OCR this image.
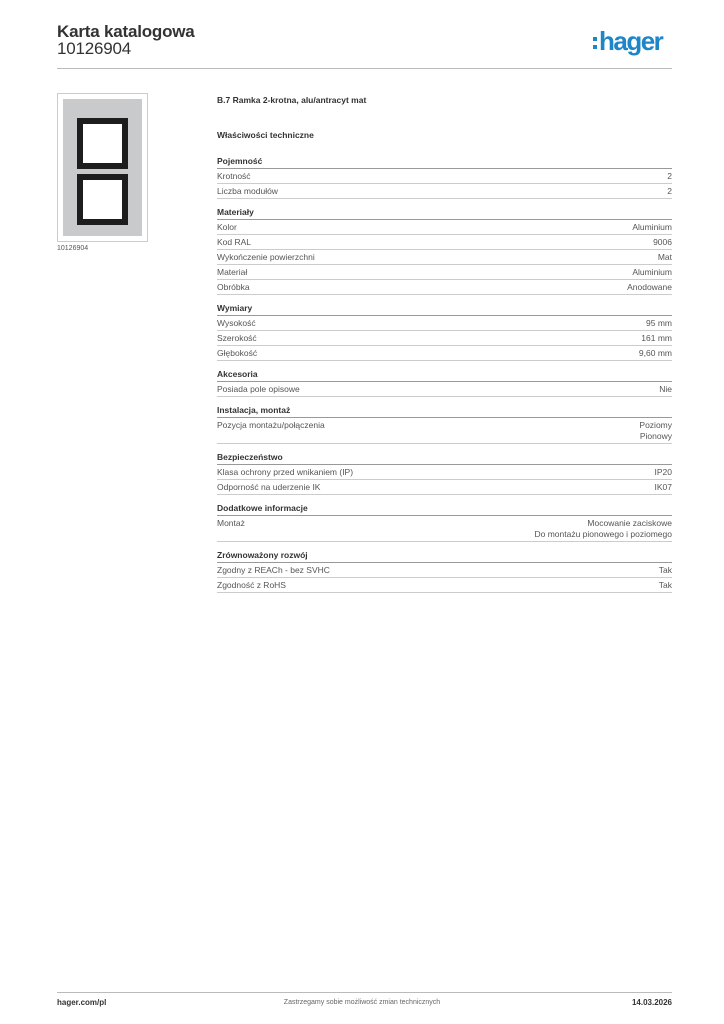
Karta katalogowa
10126904	hager
10126904
B.7 Ramka 2-krotna, alu/antracyt mat
Właściwości techniczne
Pojemność
Krotność	2
Liczba modułów	2
Materiały
Kolor	Aluminium
Kod RAL	9006
Wykończenie powierzchni	Mat
Materiał	Aluminium
Obróbka	Anodowane
Wymiary
Wysokość	95 mm
Szerokość	161 mm
Głębokość	9,60 mm
Akcesoria
Posiada pole opisowe	Nie
Instalacja, montaż
Pozycja montażu/połączenia	Poziomy
Pionowy
Bezpieczeństwo
Klasa ochrony przed wnikaniem (IP)	IP20
Odporność na uderzenie IK	IK07
Dodatkowe informacje
Montaż	Mocowanie zaciskowe
Do montażu pionowego i poziomego
Zrównoważony rozwój
Zgodny z REACh - bez SVHC	Tak
Zgodność z RoHS	Tak
hager.com/pl	Zastrzegamy sobie możliwość zmian technicznych	14.03.2026
